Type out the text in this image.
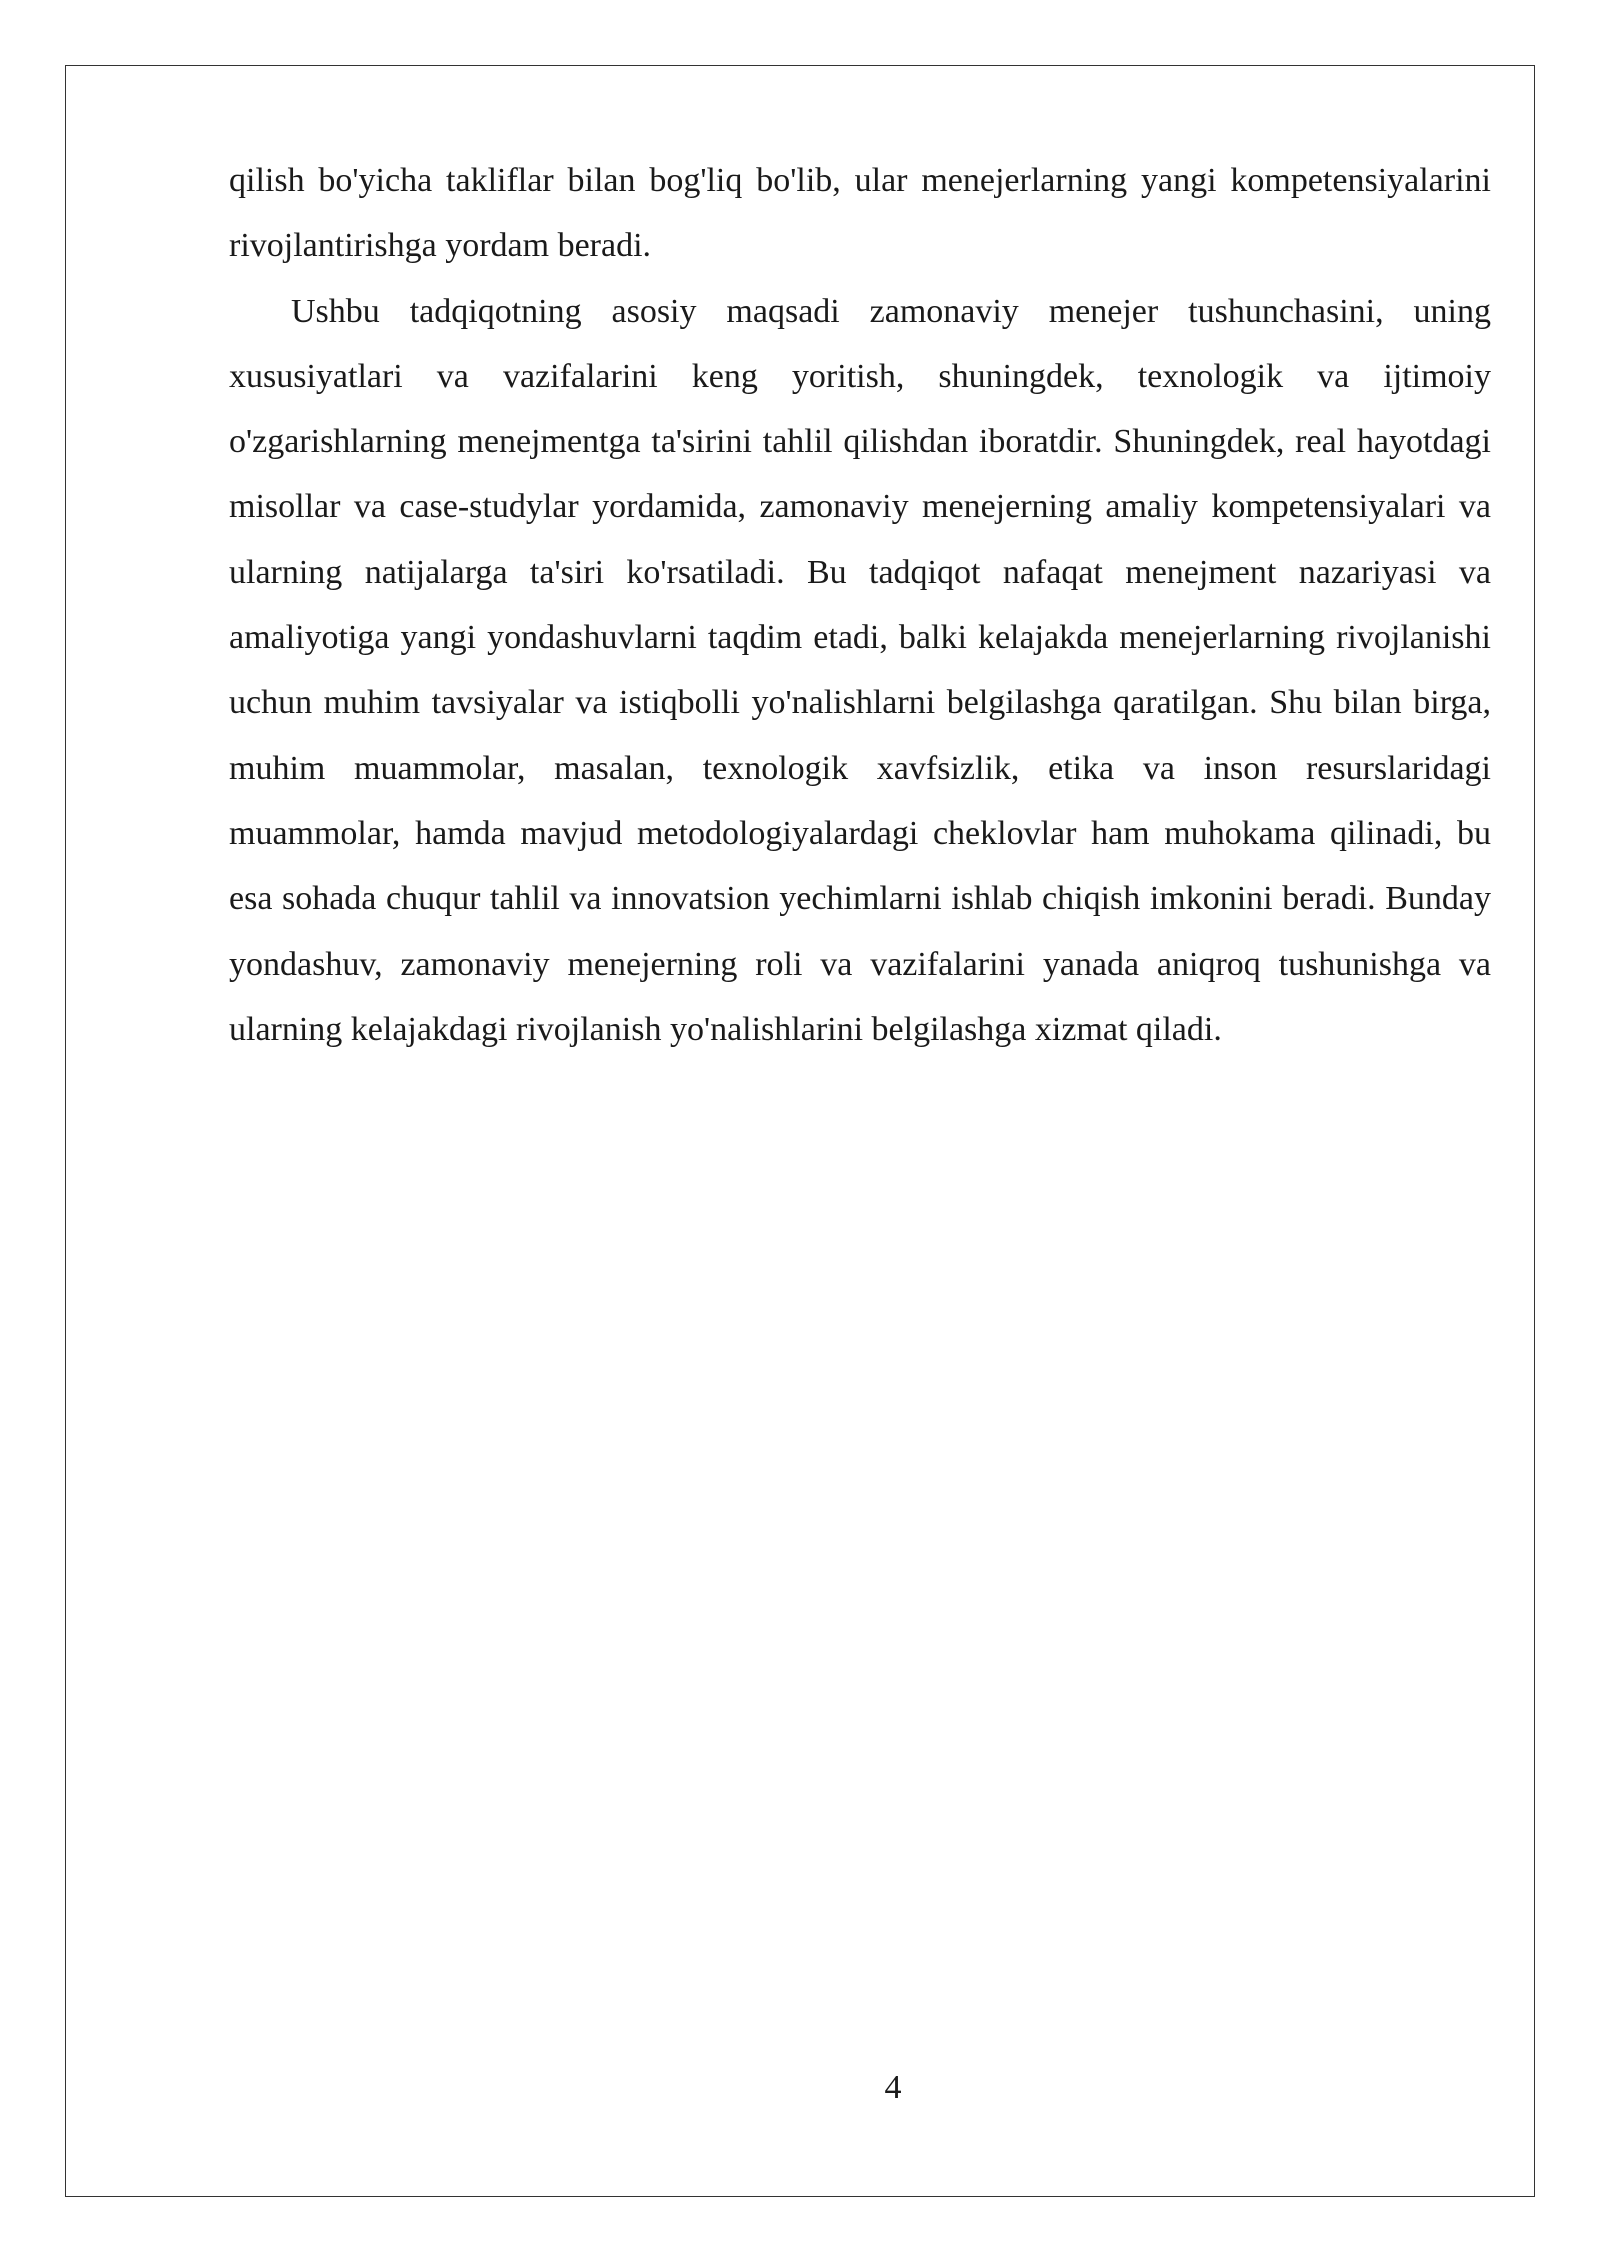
qilish bo'yicha takliflar bilan bog'liq bo'lib, ular menejerlarning yangi kompetensiyalarini rivojlantirishga yordam beradi.

Ushbu tadqiqotning asosiy maqsadi zamonaviy menejer tushunchasini, uning xususiyatlari va vazifalarini keng yoritish, shuningdek, texnologik va ijtimoiy o'zgarishlarning menejmentga ta'sirini tahlil qilishdan iboratdir. Shuningdek, real hayotdagi misollar va case-studylar yordamida, zamonaviy menejerning amaliy kompetensiyalari va ularning natijalarga ta'siri ko'rsatiladi. Bu tadqiqot nafaqat menejment nazariyasi va amaliyotiga yangi yondashuvlarni taqdim etadi, balki kelajakda menejerlarning rivojlanishi uchun muhim tavsiyalar va istiqbolli yo'nalishlarni belgilashga qaratilgan. Shu bilan birga, muhim muammolar, masalan, texnologik xavfsizlik, etika va inson resurslaridagi muammolar, hamda mavjud metodologiyalardagi cheklovlar ham muhokama qilinadi, bu esa sohada chuqur tahlil va innovatsion yechimlarni ishlab chiqish imkonini beradi. Bunday yondashuv, zamonaviy menejerning roli va vazifalarini yanada aniqroq tushunishga va ularning kelajakdagi rivojlanish yo'nalishlarini belgilashga xizmat qiladi.

4
